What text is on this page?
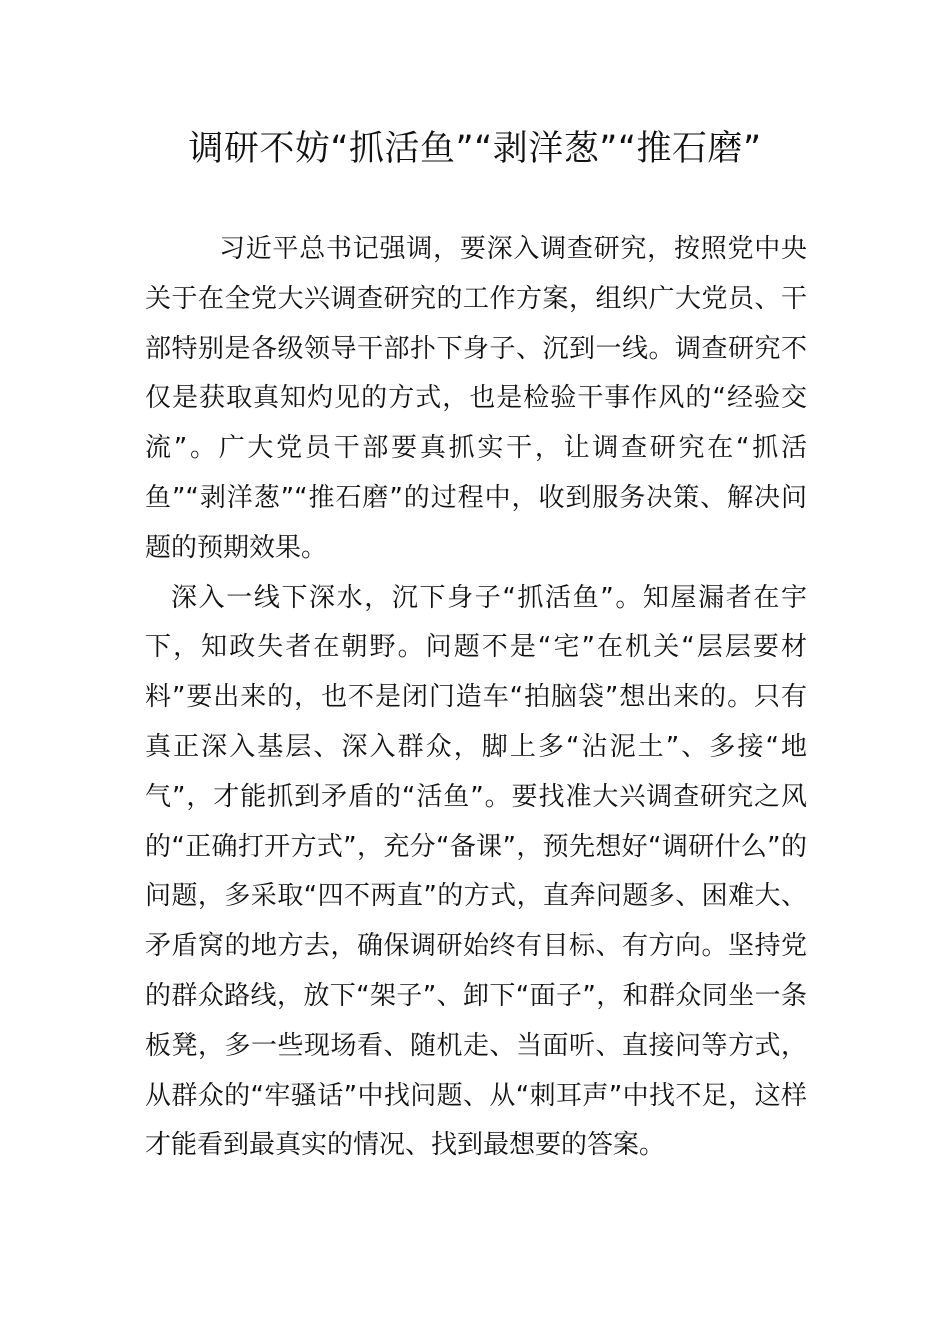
调研不妨“抓活鱼”“剥洋葱”“推石磨”

习近平总书记强调，要深入调查研究，按照党中央关于在全党大兴调查研究的工作方案，组织广大党员、干部特别是各级领导干部扑下身子、沉到一线。调查研究不仅是获取真知灼见的方式，也是检验干事作风的“经验交流”。广大党员干部要真抓实干，让调查研究在“抓活鱼”“剥洋葱”“推石磨”的过程中，收到服务决策、解决问题的预期效果。

深入一线下深水，沉下身子“抓活鱼”。知屋漏者在宇下，知政失者在朝野。问题不是“宅”在机关“层层要材料”要出来的，也不是闭门造车“拍脑袋”想出来的。只有真正深入基层、深入群众，脚上多“沾泥土”、多接“地气”，才能抓到矛盾的“活鱼”。要找准大兴调查研究之风的“正确打开方式”，充分“备课”，预先想好“调研什么”的问题，多采取“四不两直”的方式，直奔问题多、困难大、矛盾窝的地方去，确保调研始终有目标、有方向。坚持党的群众路线，放下“架子”、卸下“面子”，和群众同坐一条板凳，多一些现场看、随机走、当面听、直接问等方式，从群众的“牢骚话”中找问题、从“刺耳声”中找不足，这样才能看到最真实的情况、找到最想要的答案。
